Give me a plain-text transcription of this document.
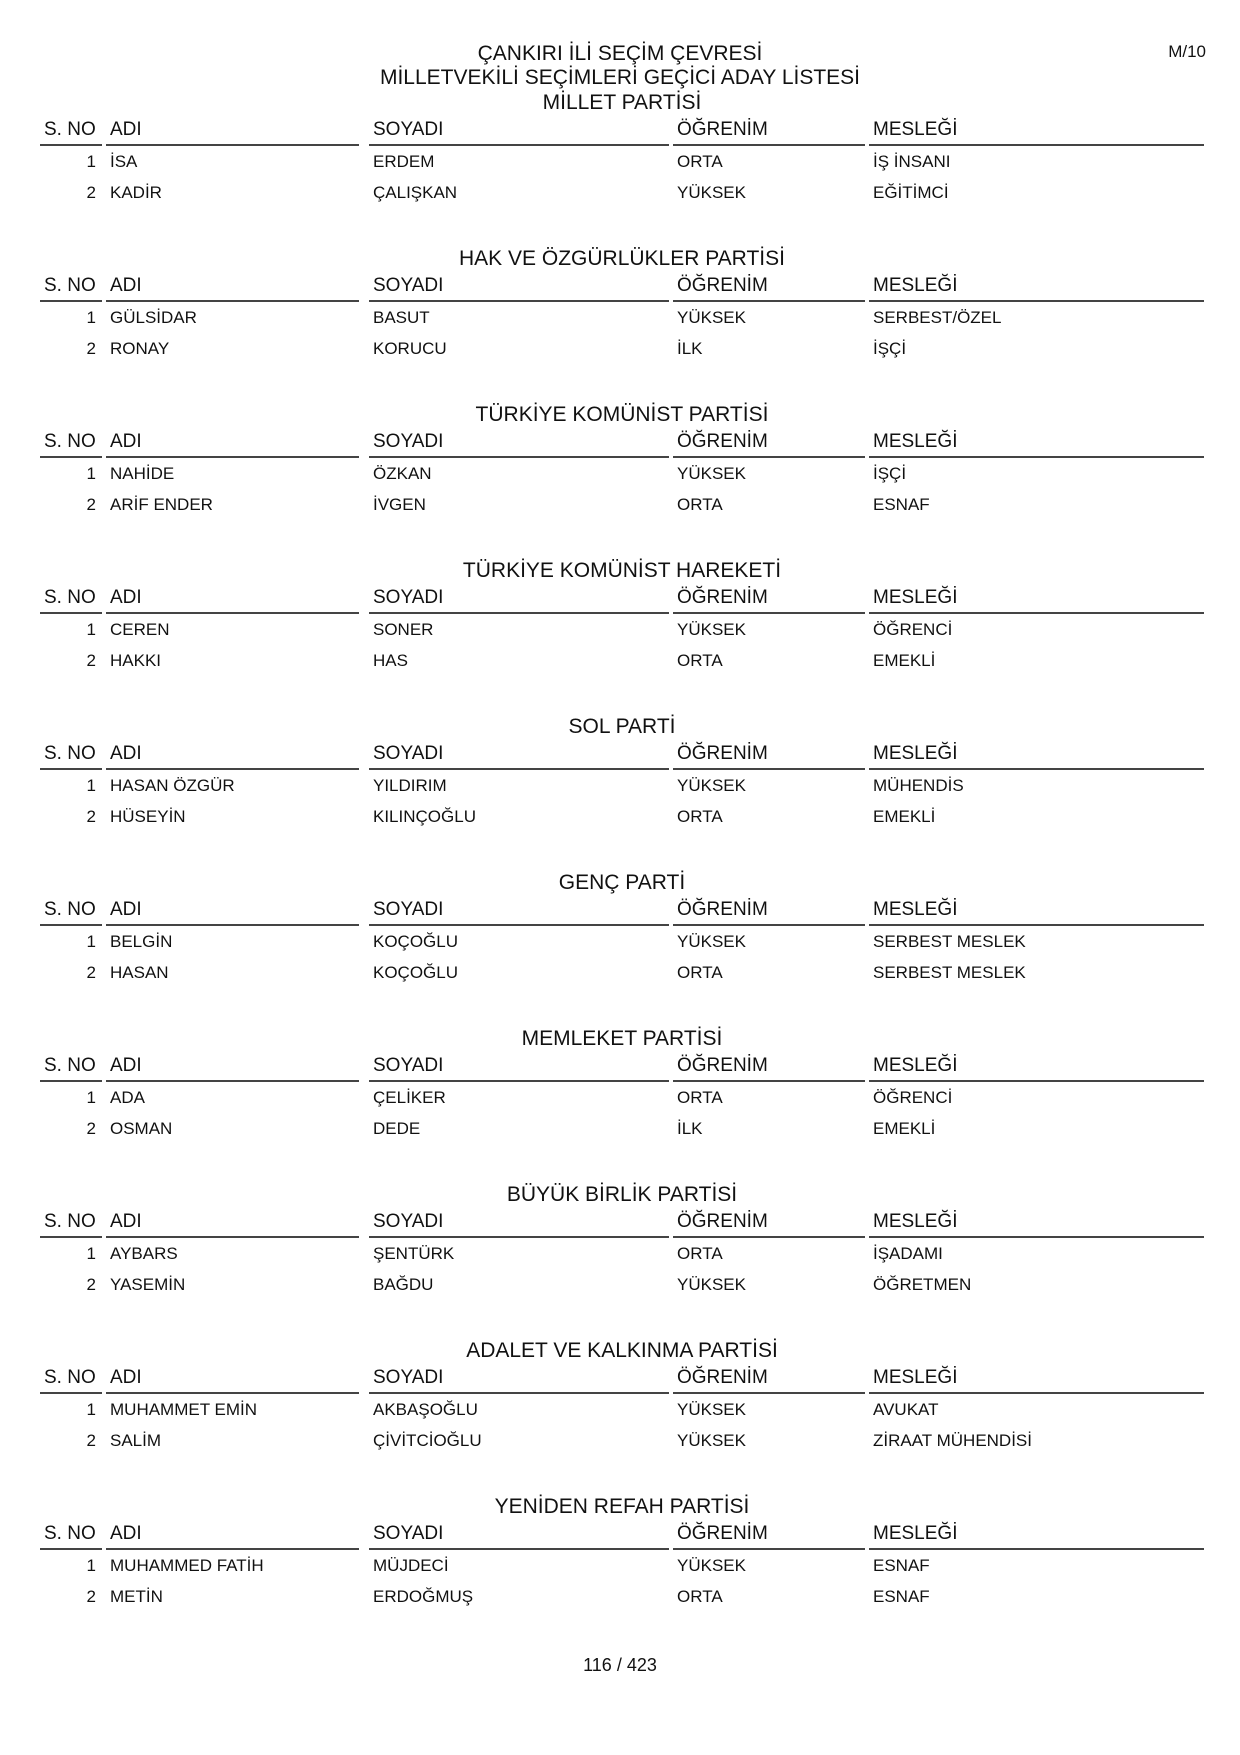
M/10
ÇANKIRI İLİ SEÇİM ÇEVRESİ
MİLLETVEKİLİ SEÇİMLERİ GEÇİCİ ADAY LİSTESİ
MİLLET PARTİSİ
S. NO ADI	SOYADI	ÖĞRENİM	MESLEĞİ
1 İSA	ERDEM	ORTA	İŞ İNSANI
2 KADİR	ÇALIŞKAN	YÜKSEK	EĞİTİMCİ
HAK VE ÖZGÜRLÜKLER PARTİSİ
S. NO ADI	SOYADI	ÖĞRENİM	MESLEĞİ
1 GÜLSİDAR	BASUT	YÜKSEK	SERBEST/ÖZEL
2 RONAY	KORUCU	İLK	İŞÇİ
TÜRKİYE KOMÜNİST PARTİSİ
S. NO ADI	SOYADI	ÖĞRENİM	MESLEĞİ
1 NAHİDE	ÖZKAN	YÜKSEK	İŞÇİ
2 ARİF ENDER	İVGEN	ORTA	ESNAF
TÜRKİYE KOMÜNİST HAREKETİ
S. NO ADI	SOYADI	ÖĞRENİM	MESLEĞİ
1 CEREN	SONER	YÜKSEK	ÖĞRENCİ
2 HAKKI	HAS	ORTA	EMEKLİ
SOL PARTİ
S. NO ADI	SOYADI	ÖĞRENİM	MESLEĞİ
1 HASAN ÖZGÜR	YILDIRIM	YÜKSEK	MÜHENDİS
2 HÜSEYİN	KILINÇOĞLU	ORTA	EMEKLİ
GENÇ PARTİ
S. NO ADI	SOYADI	ÖĞRENİM	MESLEĞİ
1 BELGİN	KOÇOĞLU	YÜKSEK	SERBEST MESLEK
2 HASAN	KOÇOĞLU	ORTA	SERBEST MESLEK
MEMLEKET PARTİSİ
S. NO ADI	SOYADI	ÖĞRENİM	MESLEĞİ
1 ADA	ÇELİKER	ORTA	ÖĞRENCİ
2 OSMAN	DEDE	İLK	EMEKLİ
BÜYÜK BİRLİK PARTİSİ
S. NO ADI	SOYADI	ÖĞRENİM	MESLEĞİ
1 AYBARS	ŞENTÜRK	ORTA	İŞADAMI
2 YASEMİN	BAĞDU	YÜKSEK	ÖĞRETMEN
ADALET VE KALKINMA PARTİSİ
S. NO ADI	SOYADI	ÖĞRENİM	MESLEĞİ
1 MUHAMMET EMİN	AKBAŞOĞLU	YÜKSEK	AVUKAT
2 SALİM	ÇİVİTCİOĞLU	YÜKSEK	ZİRAAT MÜHENDİSİ
YENİDEN REFAH PARTİSİ
S. NO ADI	SOYADI	ÖĞRENİM	MESLEĞİ
1 MUHAMMED FATİH	MÜJDECİ	YÜKSEK	ESNAF
2 METİN	ERDOĞMUŞ	ORTA	ESNAF
116 / 423
